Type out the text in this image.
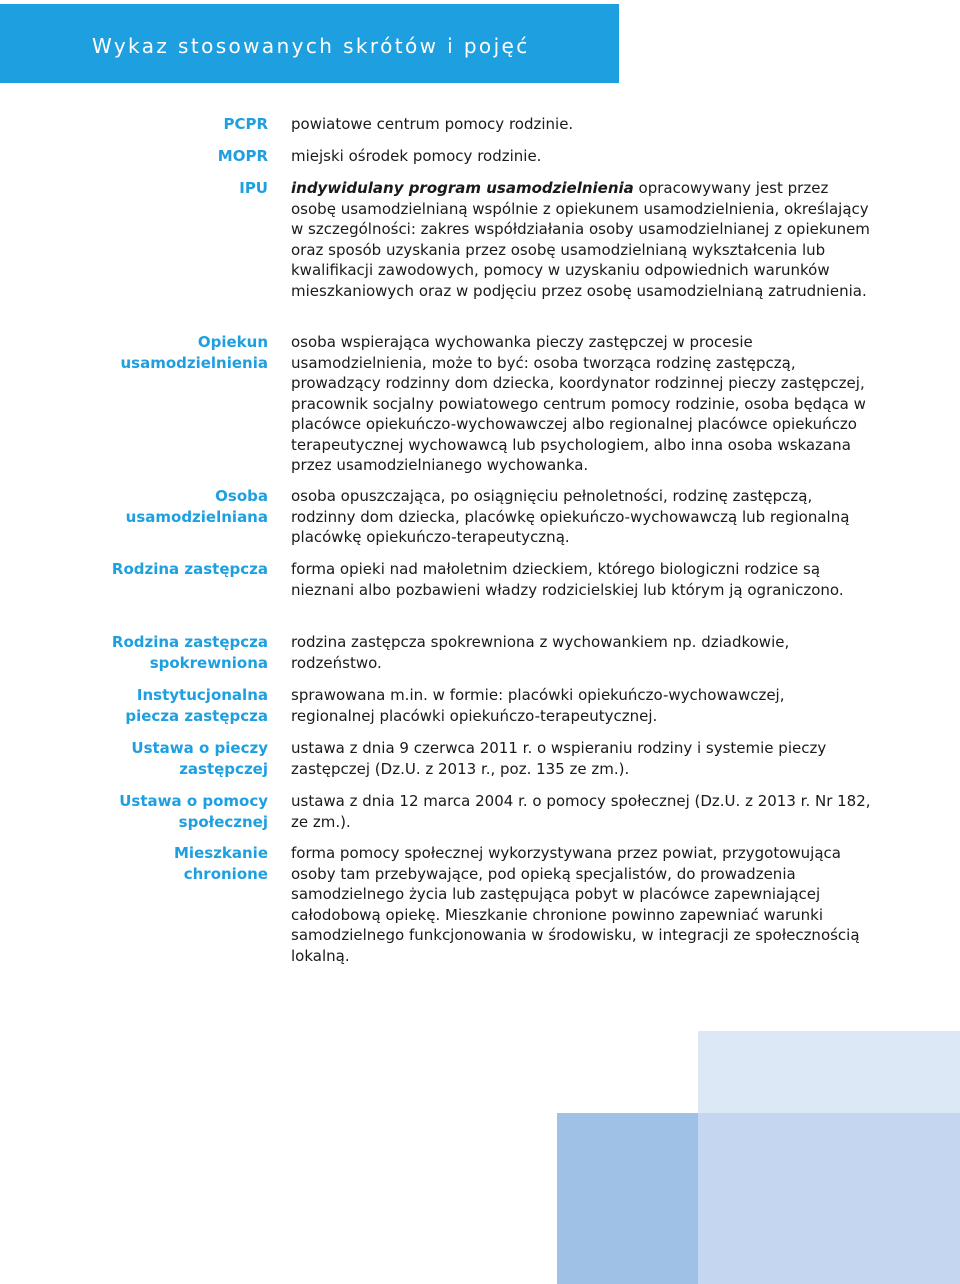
Wykaz stosowanych skrótów i pojęć
PCPR powiatowe centrum pomocy rodzinie.
MOPR miejski ośrodek pomocy rodzinie.
IPU indywidulany program usamodzielnienia opracowywany jest przez osobę usamodzielnianą wspólnie z opiekunem usamodzielnienia, określający w szczególności: zakres współdziałania osoby usamodzielnianej z opiekunem oraz sposób uzyskania przez osobę usamodzielnianą wykształcenia lub kwalifikacji zawodowych, pomocy w uzyskaniu odpowiednich warunków mieszkaniowych oraz w podjęciu przez osobę usamodzielnianą zatrudnienia.
Opiekun usamodzielnienia
osoba wspierająca wychowanka pieczy zastępczej w procesie usamodzielnienia, może to być: osoba tworząca rodzinę zastępczą, prowadzący rodzinny dom dziecka, koordynator rodzinnej pieczy zastępczej, pracownik socjalny powiatowego centrum pomocy rodzinie, osoba będąca w placówce opiekuńczo-wychowawczej albo regionalnej placówce opiekuńczo terapeutycznej wychowawcą lub psychologiem, albo inna osoba wskazana przez usamodzielnianego wychowanka.
Osoba usamodzielniana
osoba opuszczająca, po osiągnięciu pełnoletności, rodzinę zastępczą, rodzinny dom dziecka, placówkę opiekuńczo-wychowawczą lub regionalną placówkę opiekuńczo-terapeutyczną.
Rodzina zastępcza forma opieki nad małoletnim dzieckiem, którego biologiczni rodzice są nieznani albo pozbawieni władzy rodzicielskiej lub którym ją ograniczono.
Rodzina zastępcza spokrewniona
rodzina zastępcza spokrewniona z wychowankiem np. dziadkowie, rodzeństwo.
Instytucjonalna piecza zastępcza
sprawowana m.in. w formie: placówki opiekuńczo-wychowawczej, regionalnej placówki opiekuńczo-terapeutycznej.
Ustawa o pieczy zastępczej
ustawa z dnia 9 czerwca 2011 r. o wspieraniu rodziny i systemie pieczy zastępczej (Dz.U. z 2013 r., poz. 135 ze zm.).
Ustawa o pomocy społecznej
ustawa z dnia 12 marca 2004 r. o pomocy społecznej (Dz.U. z 2013 r. Nr 182, ze zm.).
Mieszkanie chronione
forma pomocy społecznej wykorzystywana przez powiat, przygotowująca osoby tam przebywające, pod opieką specjalistów, do prowadzenia samodzielnego życia lub zastępująca pobyt w placówce zapewniającej całodobową opiekę. Mieszkanie chronione powinno zapewniać warunki samodzielnego funkcjonowania w środowisku, w integracji ze społecznością lokalną.
